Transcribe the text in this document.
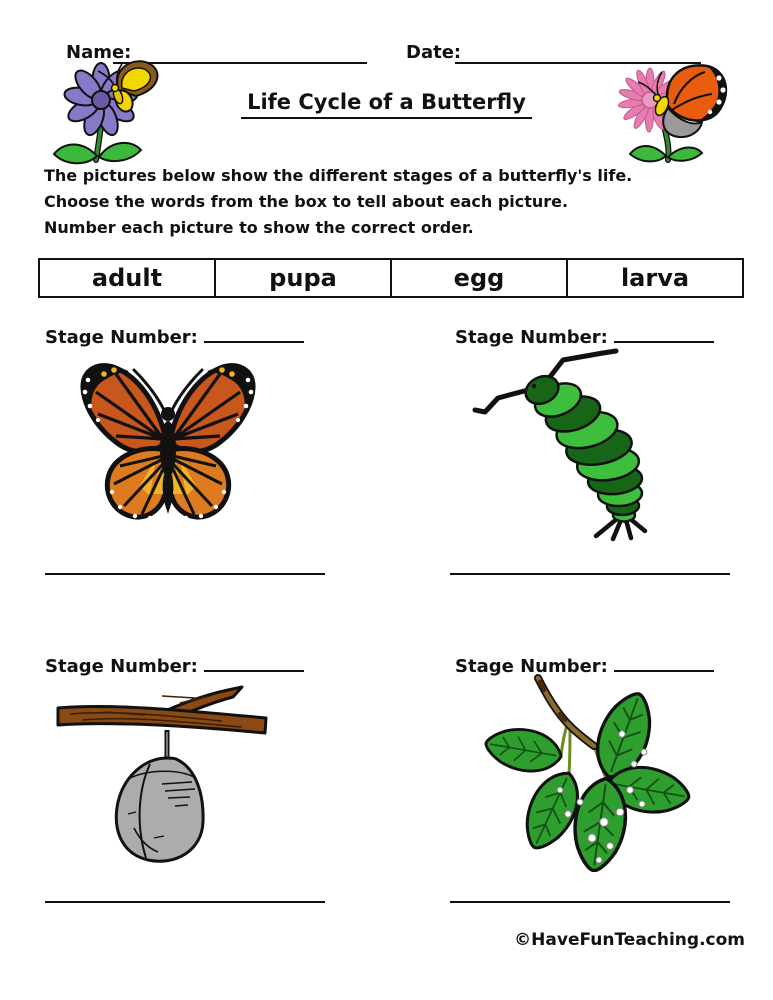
Name:	Date:
Life Cycle of a Butterfly
The pictures below show the different stages of a butterfly's life.
Choose the words from the box to tell about each picture.
Number each picture to show the correct order.
adult	pupa	egg	larva
Stage Number:	Stage Number:
Stage Number:	Stage Number:
©HaveFunTeaching.com
